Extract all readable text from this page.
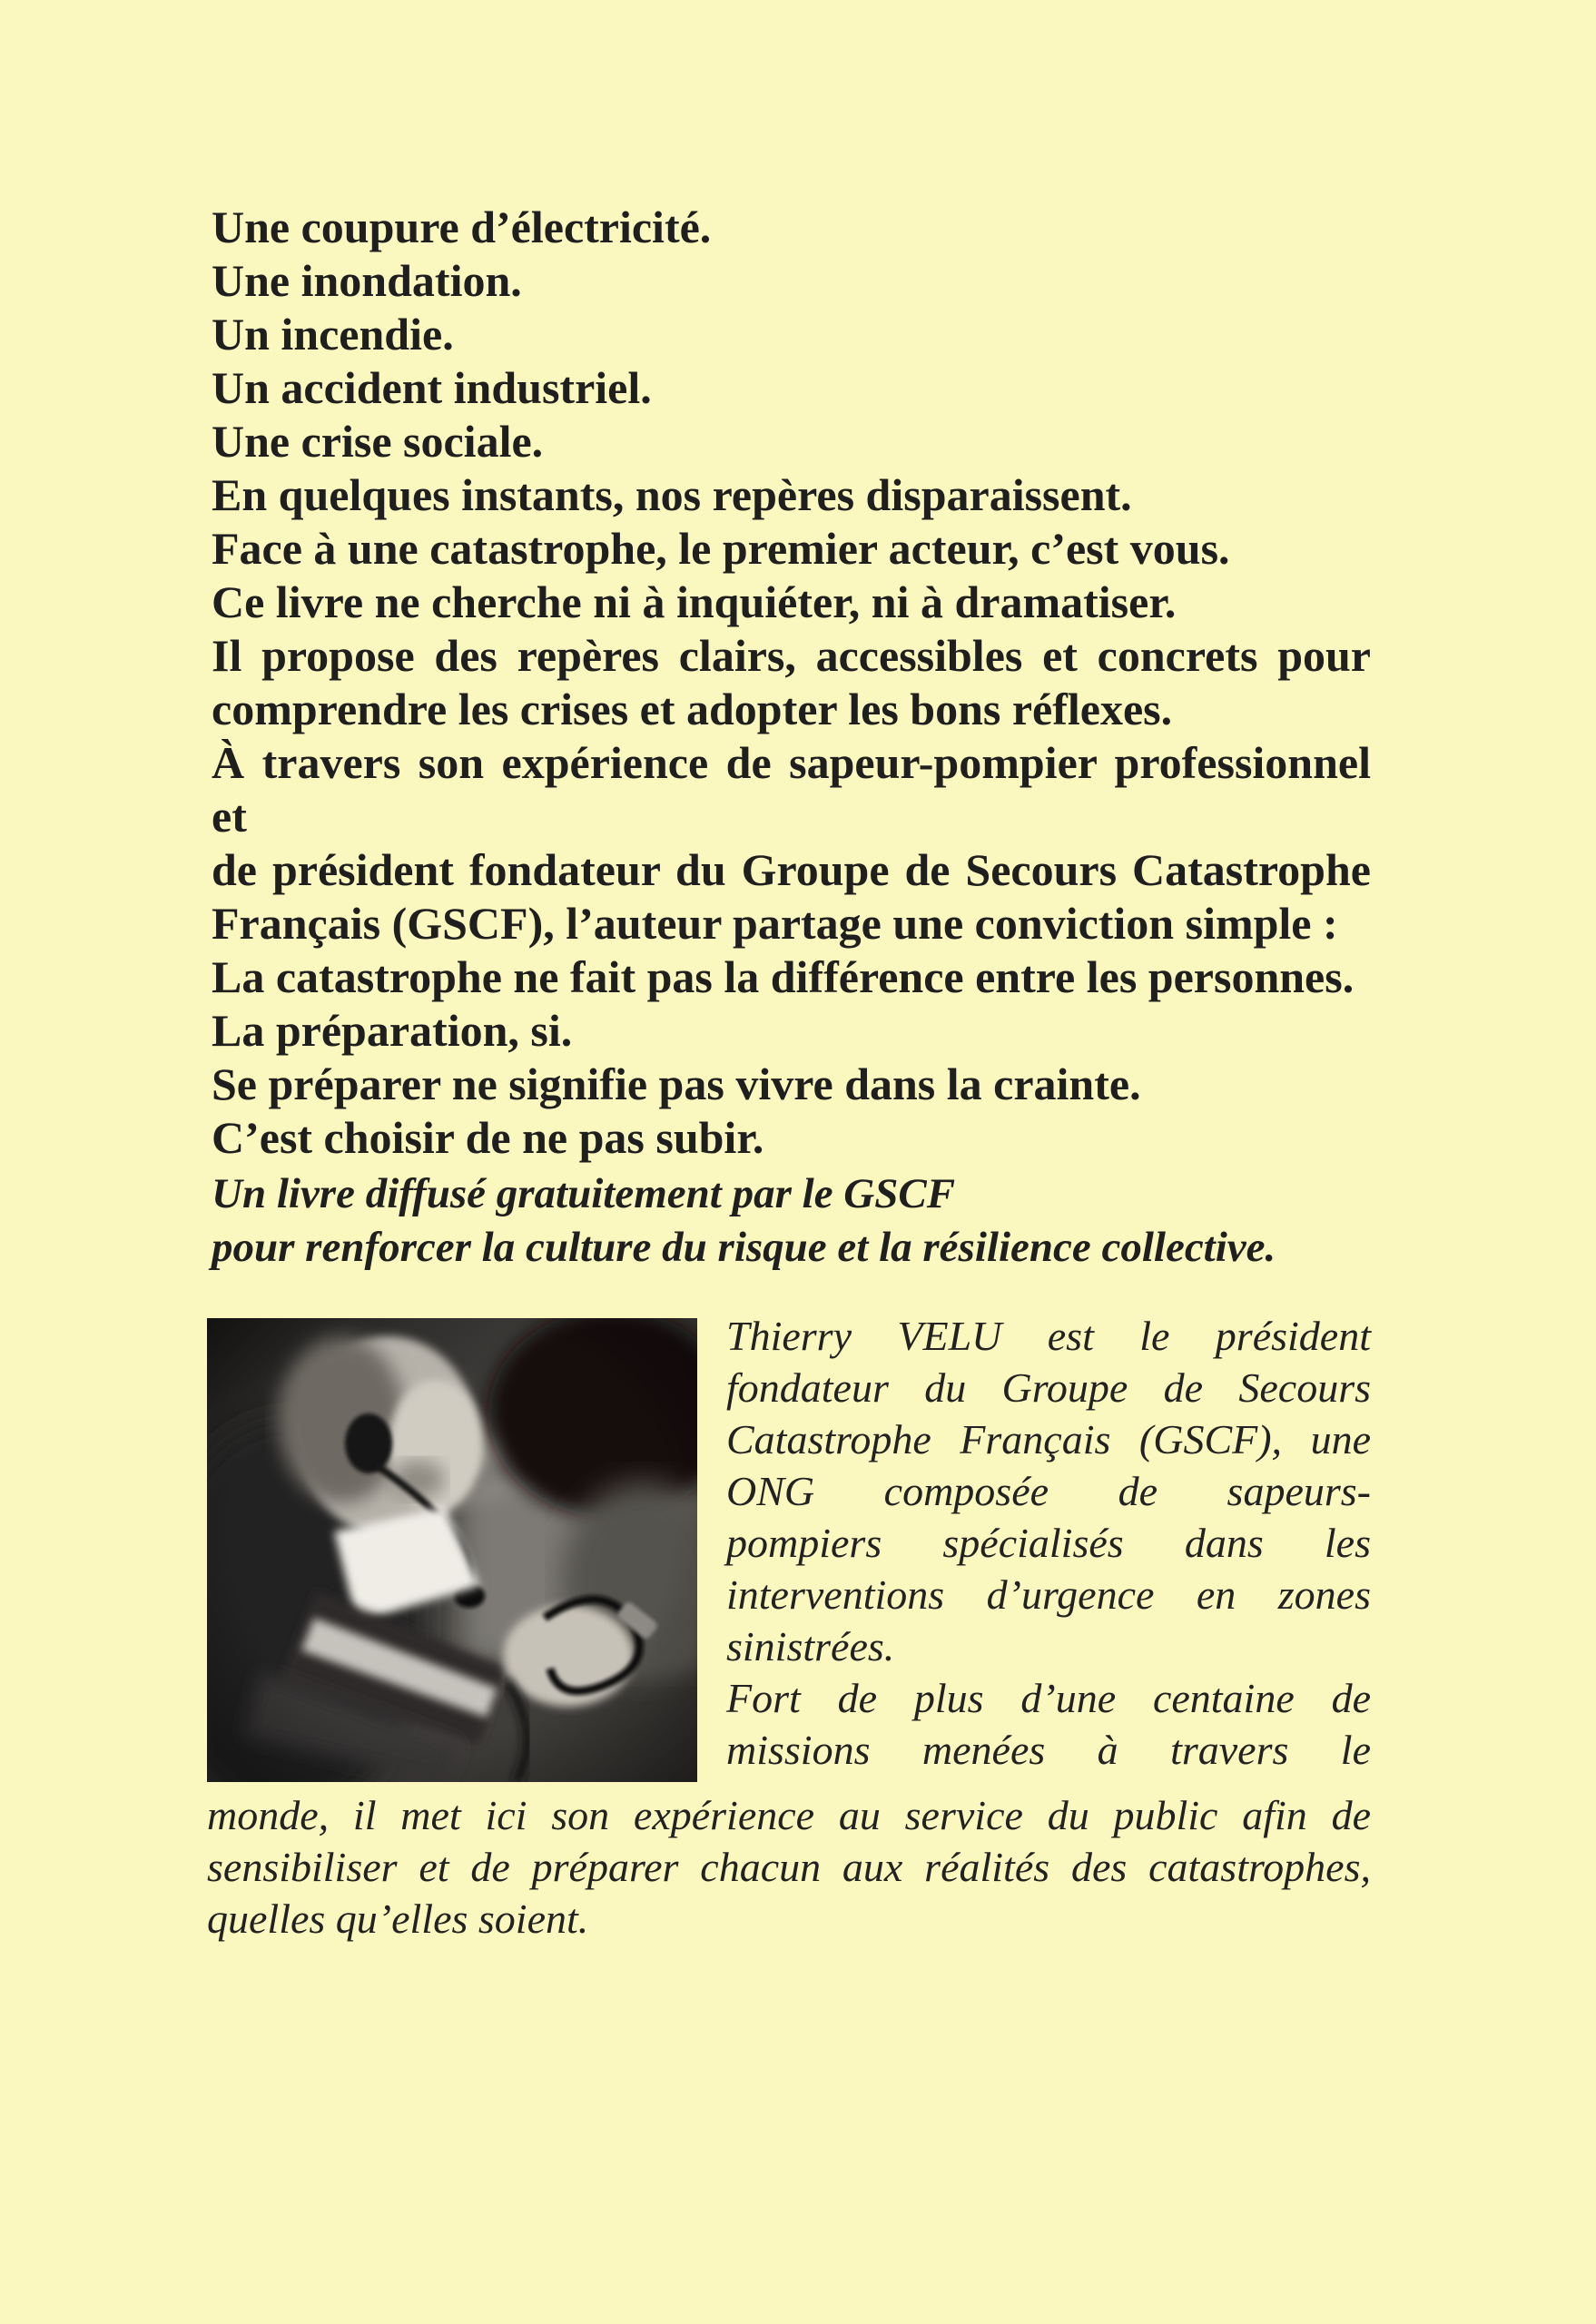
Une coupure d’électricité.
Une inondation.
Un incendie.
Un accident industriel.
Une crise sociale.
En quelques instants, nos repères disparaissent.
Face à une catastrophe, le premier acteur, c’est vous.
Ce livre ne cherche ni à inquiéter, ni à dramatiser.
Il propose des repères clairs, accessibles et concrets pour
comprendre les crises et adopter les bons réflexes.
À travers son expérience de sapeur-pompier professionnel et
de président fondateur du Groupe de Secours Catastrophe
Français (GSCF), l’auteur partage une conviction simple :
La catastrophe ne fait pas la différence entre les personnes.
La préparation, si.
Se préparer ne signifie pas vivre dans la crainte.
C’est choisir de ne pas subir.
Un livre diffusé gratuitement par le GSCF
pour renforcer la culture du risque et la résilience collective.
Thierry VELU est le président
fondateur du Groupe de Secours
Catastrophe Français (GSCF), une
ONG composée de sapeurs-
pompiers spécialisés dans les
interventions d’urgence en zones
sinistrées.
Fort de plus d’une centaine de
missions menées à travers le
monde, il met ici son expérience au service du public afin de
sensibiliser et de préparer chacun aux réalités des catastrophes,
quelles qu’elles soient.
